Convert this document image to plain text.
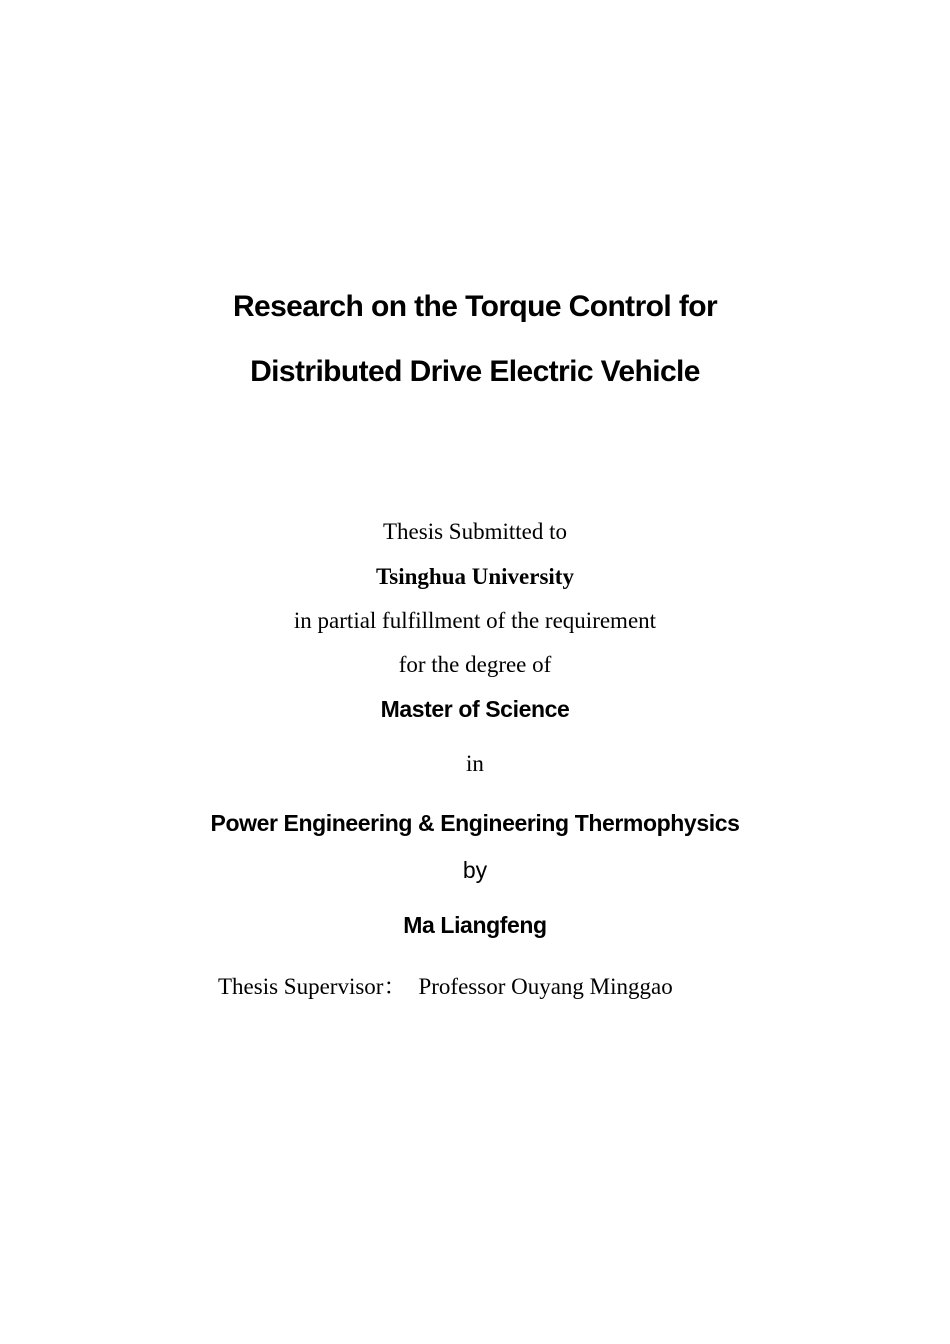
Research on the Torque Control for
Distributed Drive Electric Vehicle
Thesis Submitted to
Tsinghua University
in partial fulfillment of the requirement
for the degree of
Master of Science
in
Power Engineering & Engineering Thermophysics
by
Ma Liangfeng
Thesis Supervisor： Professor Ouyang Minggao
